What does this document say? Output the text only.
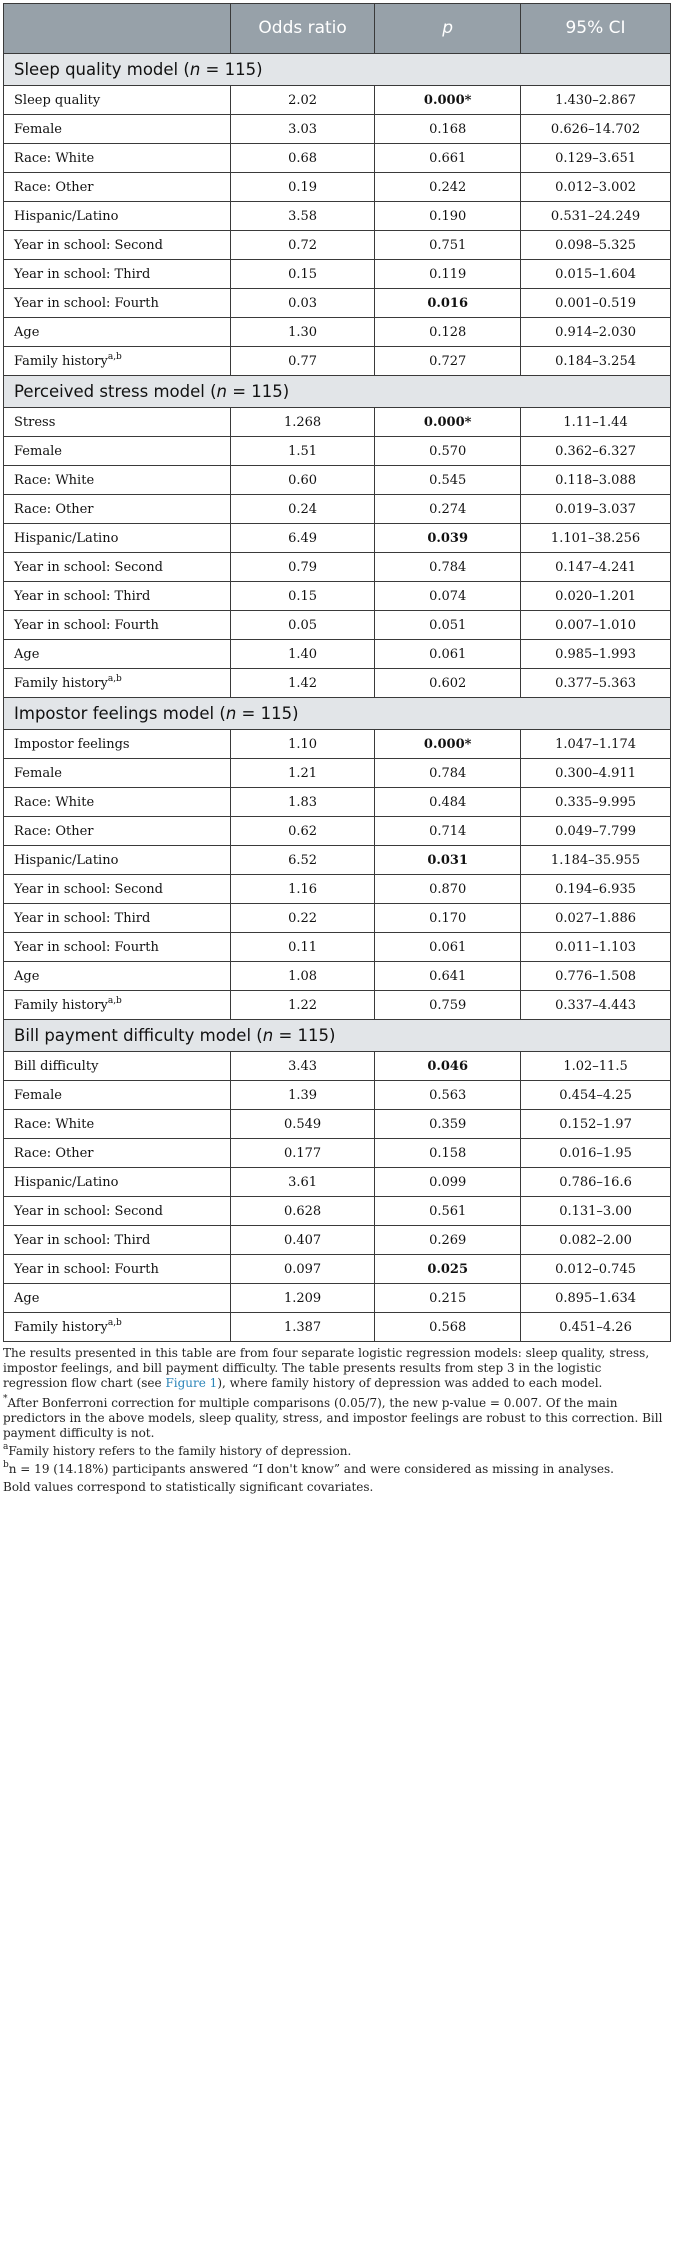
	Odds ratio	p	95% CI
Sleep quality model (n = 115)			
Sleep quality	2.02	0.000*	1.430–2.867
Female	3.03	0.168	0.626–14.702
Race: White	0.68	0.661	0.129–3.651
Race: Other	0.19	0.242	0.012–3.002
Hispanic/Latino	3.58	0.190	0.531–24.249
Year in school: Second	0.72	0.751	0.098–5.325
Year in school: Third	0.15	0.119	0.015–1.604
Year in school: Fourth	0.03	0.016	0.001–0.519
Age	1.30	0.128	0.914–2.030
Family history$^{a,b}$	0.77	0.727	0.184–3.254
Perceived stress model (n = 115)			
Stress	1.268	0.000*	1.11–1.44
Female	1.51	0.570	0.362–6.327
Race: White	0.60	0.545	0.118–3.088
Race: Other	0.24	0.274	0.019–3.037
Hispanic/Latino	6.49	0.039	1.101–38.256
Year in school: Second	0.79	0.784	0.147–4.241
Year in school: Third	0.15	0.074	0.020–1.201
Year in school: Fourth	0.05	0.051	0.007–1.010
Age	1.40	0.061	0.985–1.993
Family history$^{a,b}$	1.42	0.602	0.377–5.363
Impostor feelings model (n = 115)			
Impostor feelings	1.10	0.000*	1.047–1.174
Female	1.21	0.784	0.300–4.911
Race: White	1.83	0.484	0.335–9.995
Race: Other	0.62	0.714	0.049–7.799
Hispanic/Latino	6.52	0.031	1.184–35.955
Year in school: Second	1.16	0.870	0.194–6.935
Year in school: Third	0.22	0.170	0.027–1.886
Year in school: Fourth	0.11	0.061	0.011–1.103
Age	1.08	0.641	0.776–1.508
Family history$^{a,b}$	1.22	0.759	0.337–4.443
Bill payment difficulty model (n = 115)			
Bill difficulty	3.43	0.046	1.02–11.5
Female	1.39	0.563	0.454–4.25
Race: White	0.549	0.359	0.152–1.97
Race: Other	0.177	0.158	0.016–1.95
Hispanic/Latino	3.61	0.099	0.786–16.6
Year in school: Second	0.628	0.561	0.131–3.00
Year in school: Third	0.407	0.269	0.082–2.00
Year in school: Fourth	0.097	0.025	0.012–0.745
Age	1.209	0.215	0.895–1.634
Family history$^{a,b}$	1.387	0.568	0.451–4.26

The results presented in this table are from four separate logistic regression models: sleep quality, stress, impostor feelings, and bill payment difficulty. The table presents results from step 3 in the logistic regression flow chart (see Figure 1), where family history of depression was added to each model.

*After Bonferroni correction for multiple comparisons (0.05/7), the new p-value = 0.007. Of the main predictors in the above models, sleep quality, stress, and impostor feelings are robust to this correction. Bill payment difficulty is not.

$^a$Family history refers to the family history of depression.

$^b$n = 19 (14.18%) participants answered “I don't know” and were considered as missing in analyses.

Bold values correspond to statistically significant covariates.
